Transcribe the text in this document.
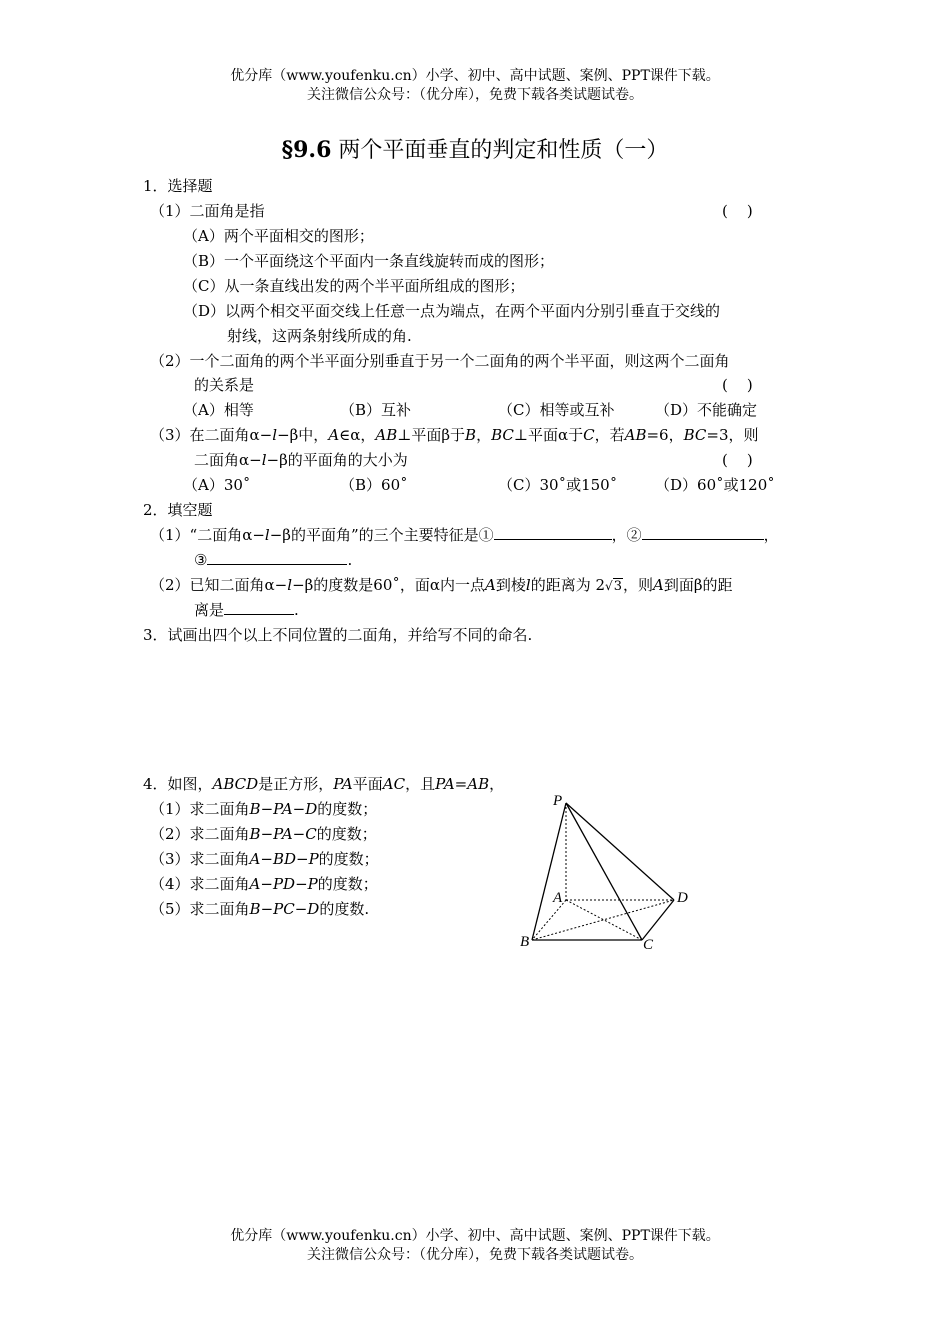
优分库（www.youfenku.cn）小学、初中、高中试题、案例、PPT课件下载。
关注微信公众号：（优分库），免费下载各类试题试卷。
§9.6 两个平面垂直的判定和性质（一）
1．选择题
（1）二面角是指	(    )
（A）两个平面相交的图形；
（B）一个平面绕这个平面内一条直线旋转而成的图形；
（C）从一条直线出发的两个半平面所组成的图形；
（D）以两个相交平面交线上任意一点为端点，在两个平面内分别引垂直于交线的
射线，这两条射线所成的角.
（2）一个二面角的两个半平面分别垂直于另一个二面角的两个半平面，则这两个二面角
的关系是	(    )
（A）相等	（B）互补	（C）相等或互补	（D）不能确定
（3）在二面角α−l−β中，A∈α，AB⊥平面β于B，BC⊥平面α于C，若AB=6，BC=3，则
二面角α−l−β的平面角的大小为	(    )
（A）30˚	（B）60˚	（C）30˚或150˚	（D）60˚或120˚
2．填空题
（1）“二面角α−l−β的平面角”的三个主要特征是①	，②	，
③	.
（2）已知二面角α−l−β的度数是60˚，面α内一点A到棱l的距离为 2√3，则A到面β的距
离是	.
3．试画出四个以上不同位置的二面角，并给写不同的命名.
4．如图，ABCD是正方形，PA平面AC，且PA=AB，
（1）求二面角B−PA−D的度数；
（2）求二面角B−PA−C的度数；
（3）求二面角A−BD−P的度数；
（4）求二面角A−PD−P的度数；
（5）求二面角B−PC−D的度数.
P
A
B	C
D
优分库（www.youfenku.cn）小学、初中、高中试题、案例、PPT课件下载。
关注微信公众号：（优分库），免费下载各类试题试卷。
